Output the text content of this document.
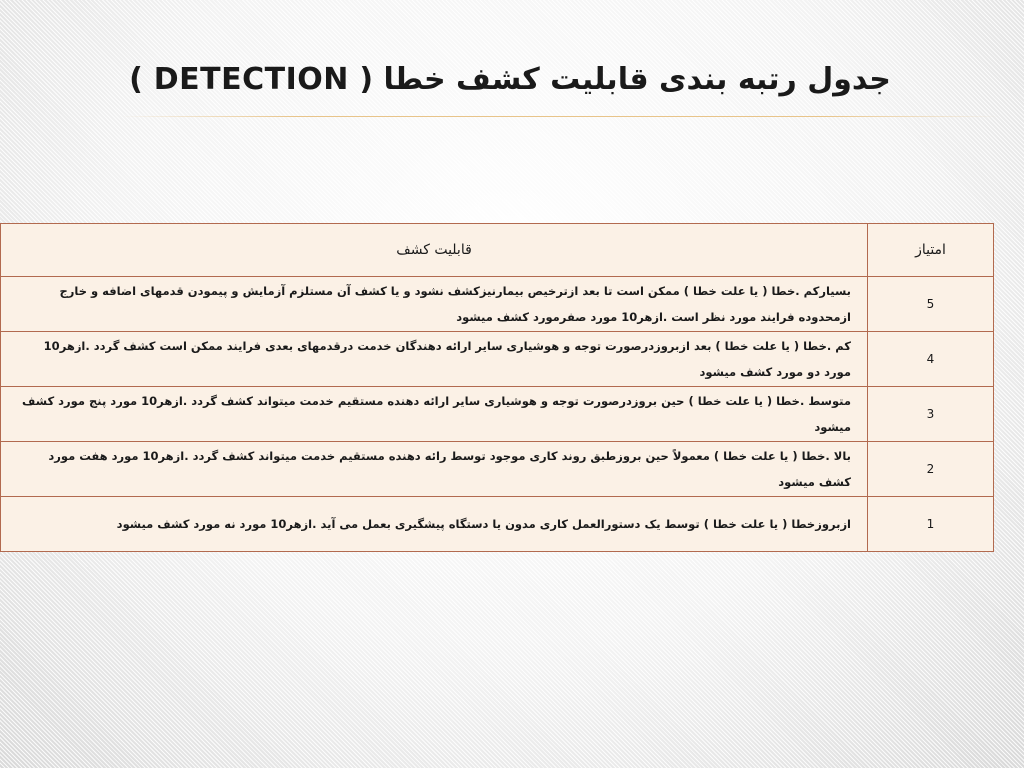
جدول رتبه بندی قابلیت کشف خطا ( DETECTION )
امتیاز	قابلیت کشف
5	بسیارکم .خطا ( یا علت خطا ) ممکن است تا بعد ازترخیص بیمارنیزکشف نشود و یا کشف آن مستلزم آزمایش و پیمودن قدمهای اضافه و خارج ازمحدوده فرایند مورد نظر است .ازهر10 مورد صفرمورد کشف میشود

4	کم .خطا ( یا علت خطا ) بعد ازبروزدرصورت توجه و هوشیاری سایر ارائه دهندگان خدمت درقدمهای بعدی فرایند ممکن است کشف گردد .ازهر10 مورد دو مورد کشف میشود

3	متوسط .خطا ( یا علت خطا ) حین بروزدرصورت توجه و هوشیاری سایر ارائه دهنده مستقیم خدمت میتواند کشف گردد .ازهر10 مورد پنج مورد کشف میشود

2	بالا .خطا ( یا علت خطا ) معمولاً حین بروزطبق روند کاری موجود توسط رائه دهنده مستقیم خدمت میتواند کشف گردد .ازهر10 مورد هفت مورد کشف میشود

1	ازبروزخطا ( یا علت خطا ) توسط یک دستورالعمل کاری مدون یا دستگاه پیشگیری بعمل می آید .ازهر10 مورد نه مورد کشف میشود
